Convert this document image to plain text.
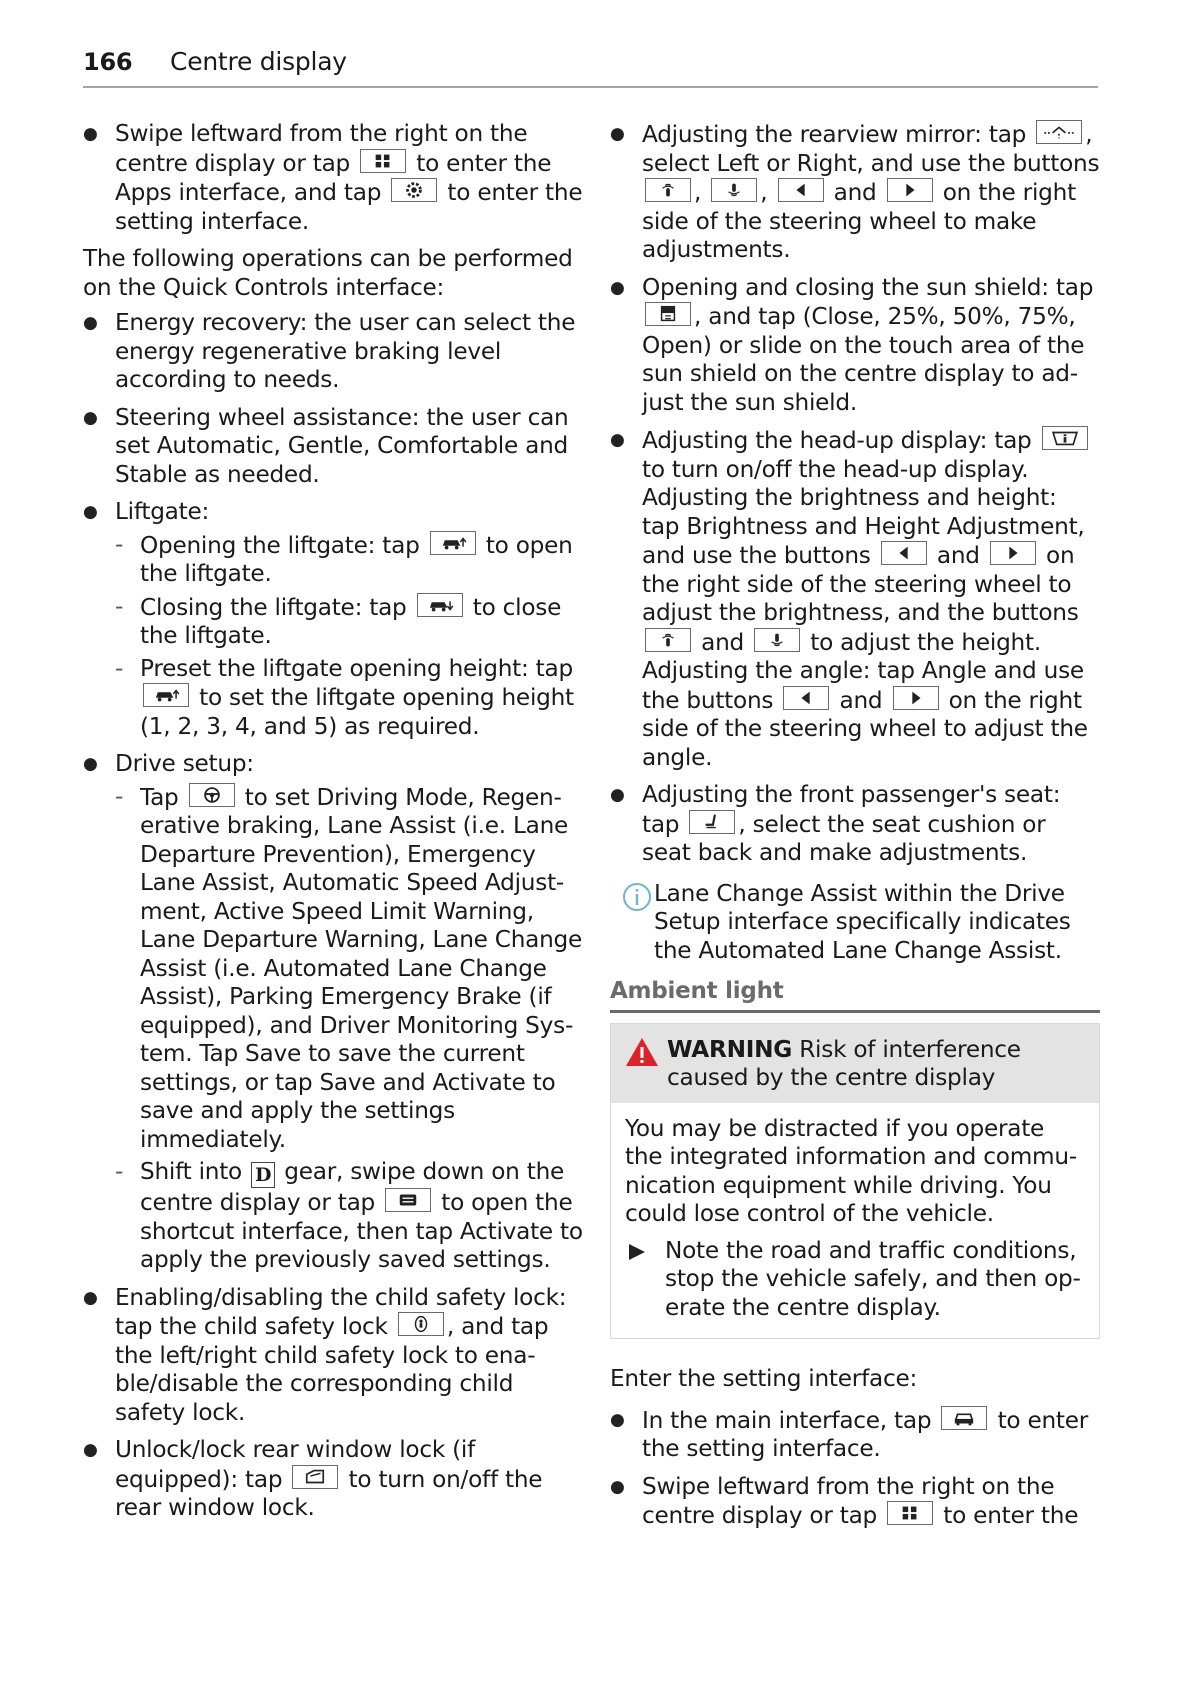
166 Centre display
● Swipe leftward from the right on the centre display or tap	to enter the Apps interface, and tap	to enter the setting interface.

The following operations can be performed on the Quick Controls interface:

● Energy recovery: the user can select the energy regenerative braking level according to needs.
● Steering wheel assistance: the user can set Automatic, Gentle, Comfortable and Stable as needed.
● Liftgate:
- Opening the liftgate: tap	to open the liftgate.
- Closing the liftgate: tap	to close the liftgate.
- Preset the liftgate opening height: tap
to set the liftgate opening height (1, 2, 3, 4, and 5) as required.
● Drive setup:
- Tap	to set Driving Mode, Regenerative braking, Lane Assist (i.e. Lane Departure Prevention), Emergency Lane Assist, Automatic Speed Adjustment, Active Speed Limit Warning, Lane Departure Warning, Lane Change Assist (i.e. Automated Lane Change Assist), Parking Emergency Brake (if equipped), and Driver Monitoring System. Tap Save to save the current settings, or tap Save and Activate to save and apply the settings immediately.
- Shift into D gear, swipe down on the centre display or tap	to open the shortcut interface, then tap Activate to apply the previously saved settings.
● Enabling/disabling the child safety lock: tap the child safety lock	, and tap the left/right child safety lock to enable/disable the corresponding child safety lock.
● Unlock/lock rear window lock (if equipped): tap	to turn on/off the rear window lock.
● Adjusting the rearview mirror: tap	, select Left or Right, and use the buttons
,	,	and	on the right side of the steering wheel to make adjustments.
● Opening and closing the sun shield: tap
, and tap (Close, 25%, 50%, 75%, Open) or slide on the touch area of the sun shield on the centre display to adjust the sun shield.
● Adjusting the head-up display: tap
to turn on/off the head-up display. Adjusting the brightness and height: tap Brightness and Height Adjustment, and use the buttons	and	on the right side of the steering wheel to adjust the brightness, and the buttons
and	to adjust the height. Adjusting the angle: tap Angle and use the buttons	and	on the right side of the steering wheel to adjust the angle.
● Adjusting the front passenger's seat: tap	, select the seat cushion or seat back and make adjustments.
Lane Change Assist within the Drive Setup interface specifically indicates the Automated Lane Change Assist.
Ambient light
WARNING Risk of interference caused by the centre display

You may be distracted if you operate the integrated information and communication equipment while driving. You could lose control of the vehicle.

Note the road and traffic conditions, stop the vehicle safely, and then operate the centre display.

Enter the setting interface:

● In the main interface, tap	to enter the setting interface.
● Swipe leftward from the right on the centre display or tap	to enter the
